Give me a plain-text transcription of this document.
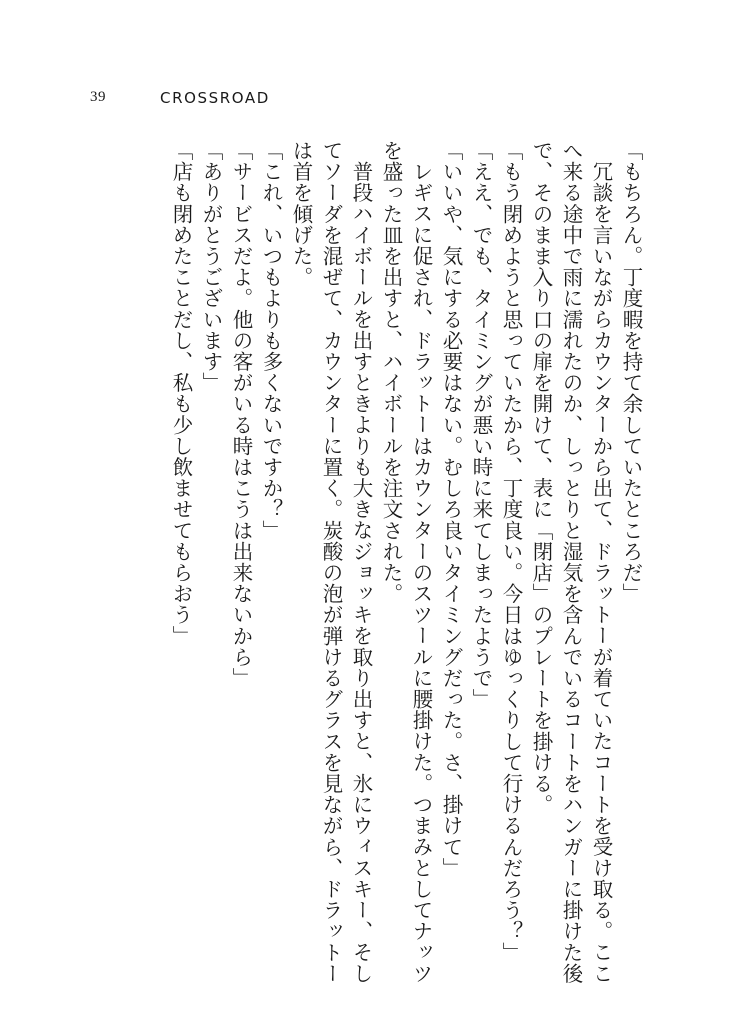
39	CROSSROAD

「もちろん。丁度暇を持て余していたところだ」

冗談を言いながらカウンターから出て、ドラットーが着ていたコートを受け取る。ここへ来る途中で雨に濡れたのか、しっとりと湿気を含んでいるコートをハンガーに掛けた後で、そのまま入り口の扉を開けて、表に「閉店」のプレートを掛ける。

「もう閉めようと思っていたから、丁度良い。今日はゆっくりして行けるんだろう？」

「ええ、でも、タイミングが悪い時に来てしまったようで」

「いいや、気にする必要はない。むしろ良いタイミングだった。さ、掛けて」

レギスに促され、ドラットーはカウンターのスツールに腰掛けた。つまみとしてナッツを盛った皿を出すと、ハイボールを注文された。

普段ハイボールを出すときよりも大きなジョッキを取り出すと、氷にウィスキー、そしてソーダを混ぜて、カウンターに置く。炭酸の泡が弾けるグラスを見ながら、ドラットーは首を傾げた。

「これ、いつもよりも多くないですか？」

「サービスだよ。他の客がいる時はこうは出来ないから」

「ありがとうございます」

「店も閉めたことだし、私も少し飲ませてもらおう」
